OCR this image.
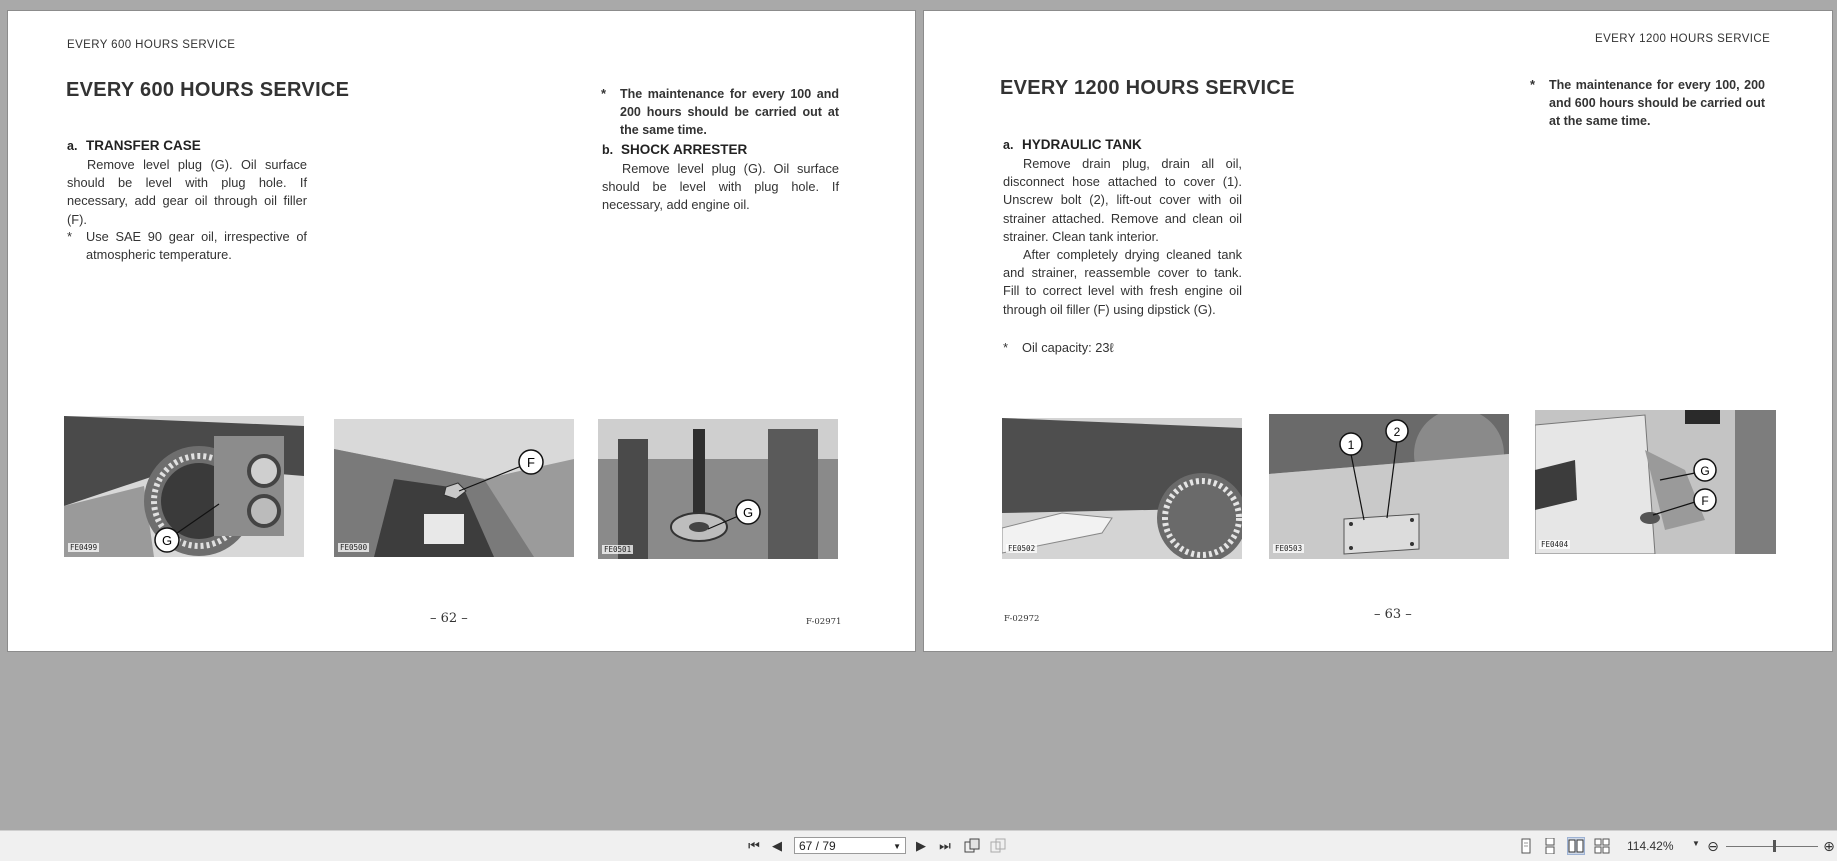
EVERY 600 HOURS SERVICE
EVERY 600 HOURS SERVICE
a. TRANSFER CASE
Remove level plug (G). Oil surface should be level with plug hole. If necessary, add gear oil through oil filler (F).
* Use SAE 90 gear oil, irrespective of atmospheric temperature.
* The maintenance for every 100 and 200 hours should be carried out at the same time.
b. SHOCK ARRESTER
Remove level plug (G). Oil surface should be level with plug hole. If necessary, add engine oil.
G
FE0499
F
FE0500
G
FE0501
– 62 –	F-02971
EVERY 1200 HOURS SERVICE
EVERY 1200 HOURS SERVICE	* The maintenance for every 100, 200 and 600 hours should be carried out at the same time.
a. HYDRAULIC TANK
Remove drain plug, drain all oil, disconnect hose attached to cover (1). Unscrew bolt (2), lift-out cover with oil strainer attached. Remove and clean oil strainer. Clean tank interior.
After completely drying cleaned tank and strainer, reassemble cover to tank. Fill to correct level with fresh engine oil through oil filler (F) using dipstick (G).
* Oil capacity: 23ℓ
FE0502
1
2
FE0503
G
F
FE0404
– 63 –
F-02972
⏮ ◀	67 / 79	▼ ▶ ⏭	114.42% ▼ ⊖	⊕
